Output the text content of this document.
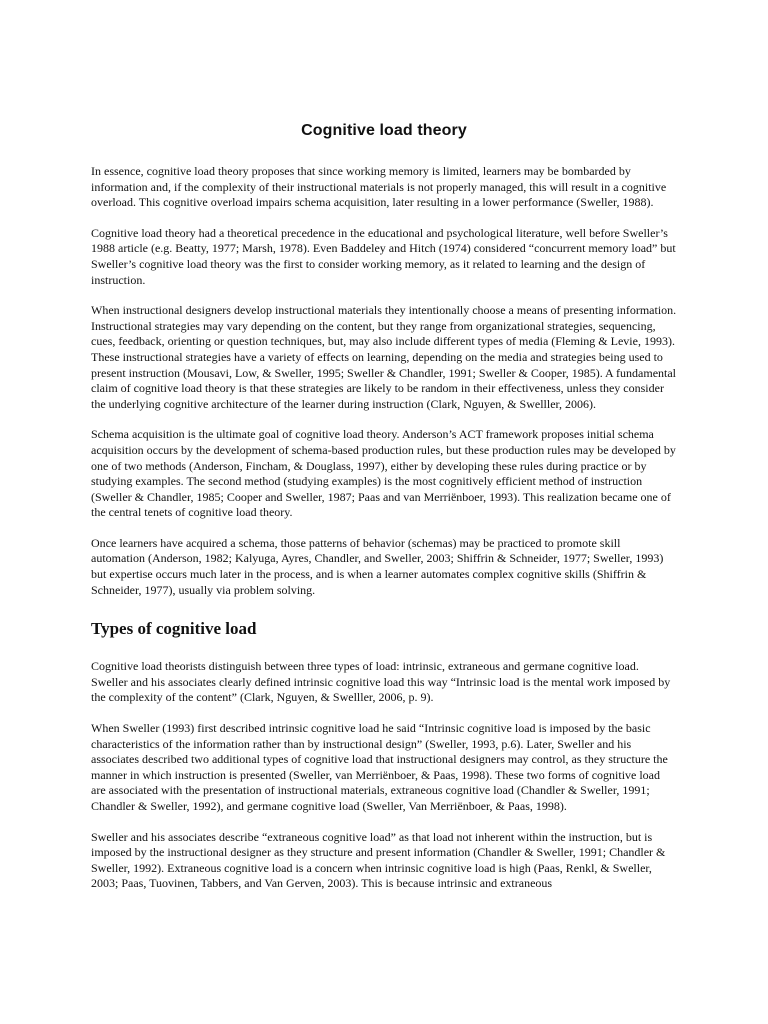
Cognitive load theory

In essence, cognitive load theory proposes that since working memory is limited, learners may be bombarded by information and, if the complexity of their instructional materials is not properly managed, this will result in a cognitive overload. This cognitive overload impairs schema acquisition, later resulting in a lower performance (Sweller, 1988).

Cognitive load theory had a theoretical precedence in the educational and psychological literature, well before Sweller’s 1988 article (e.g. Beatty, 1977; Marsh, 1978). Even Baddeley and Hitch (1974) considered “concurrent memory load” but Sweller’s cognitive load theory was the first to consider working memory, as it related to learning and the design of instruction.

When instructional designers develop instructional materials they intentionally choose a means of presenting information. Instructional strategies may vary depending on the content, but they range from organizational strategies, sequencing, cues, feedback, orienting or question techniques, but, may also include different types of media (Fleming & Levie, 1993). These instructional strategies have a variety of effects on learning, depending on the media and strategies being used to present instruction (Mousavi, Low, & Sweller, 1995; Sweller & Chandler, 1991; Sweller & Cooper, 1985). A fundamental claim of cognitive load theory is that these strategies are likely to be random in their effectiveness, unless they consider the underlying cognitive architecture of the learner during instruction (Clark, Nguyen, & Swelller, 2006).

Schema acquisition is the ultimate goal of cognitive load theory. Anderson’s ACT framework proposes initial schema acquisition occurs by the development of schema-based production rules, but these production rules may be developed by one of two methods (Anderson, Fincham, & Douglass, 1997), either by developing these rules during practice or by studying examples. The second method (studying examples) is the most cognitively efficient method of instruction (Sweller & Chandler, 1985; Cooper and Sweller, 1987; Paas and van Merriënboer, 1993). This realization became one of the central tenets of cognitive load theory.

Once learners have acquired a schema, those patterns of behavior (schemas) may be practiced to promote skill automation (Anderson, 1982; Kalyuga, Ayres, Chandler, and Sweller, 2003; Shiffrin & Schneider, 1977; Sweller, 1993) but expertise occurs much later in the process, and is when a learner automates complex cognitive skills (Shiffrin & Schneider, 1977), usually via problem solving.

Types of cognitive load

Cognitive load theorists distinguish between three types of load: intrinsic, extraneous and germane cognitive load. Sweller and his associates clearly defined intrinsic cognitive load this way “Intrinsic load is the mental work imposed by the complexity of the content” (Clark, Nguyen, & Swelller, 2006, p. 9).

When Sweller (1993) first described intrinsic cognitive load he said “Intrinsic cognitive load is imposed by the basic characteristics of the information rather than by instructional design” (Sweller, 1993, p.6). Later, Sweller and his associates described two additional types of cognitive load that instructional designers may control, as they structure the manner in which instruction is presented (Sweller, van Merriënboer, & Paas, 1998). These two forms of cognitive load are associated with the presentation of instructional materials, extraneous cognitive load (Chandler & Sweller, 1991; Chandler & Sweller, 1992), and germane cognitive load (Sweller, Van Merriënboer, & Paas, 1998).

Sweller and his associates describe “extraneous cognitive load” as that load not inherent within the instruction, but is imposed by the instructional designer as they structure and present information (Chandler & Sweller, 1991; Chandler & Sweller, 1992). Extraneous cognitive load is a concern when intrinsic cognitive load is high (Paas, Renkl, & Sweller, 2003; Paas, Tuovinen, Tabbers, and Van Gerven, 2003). This is because intrinsic and extraneous
